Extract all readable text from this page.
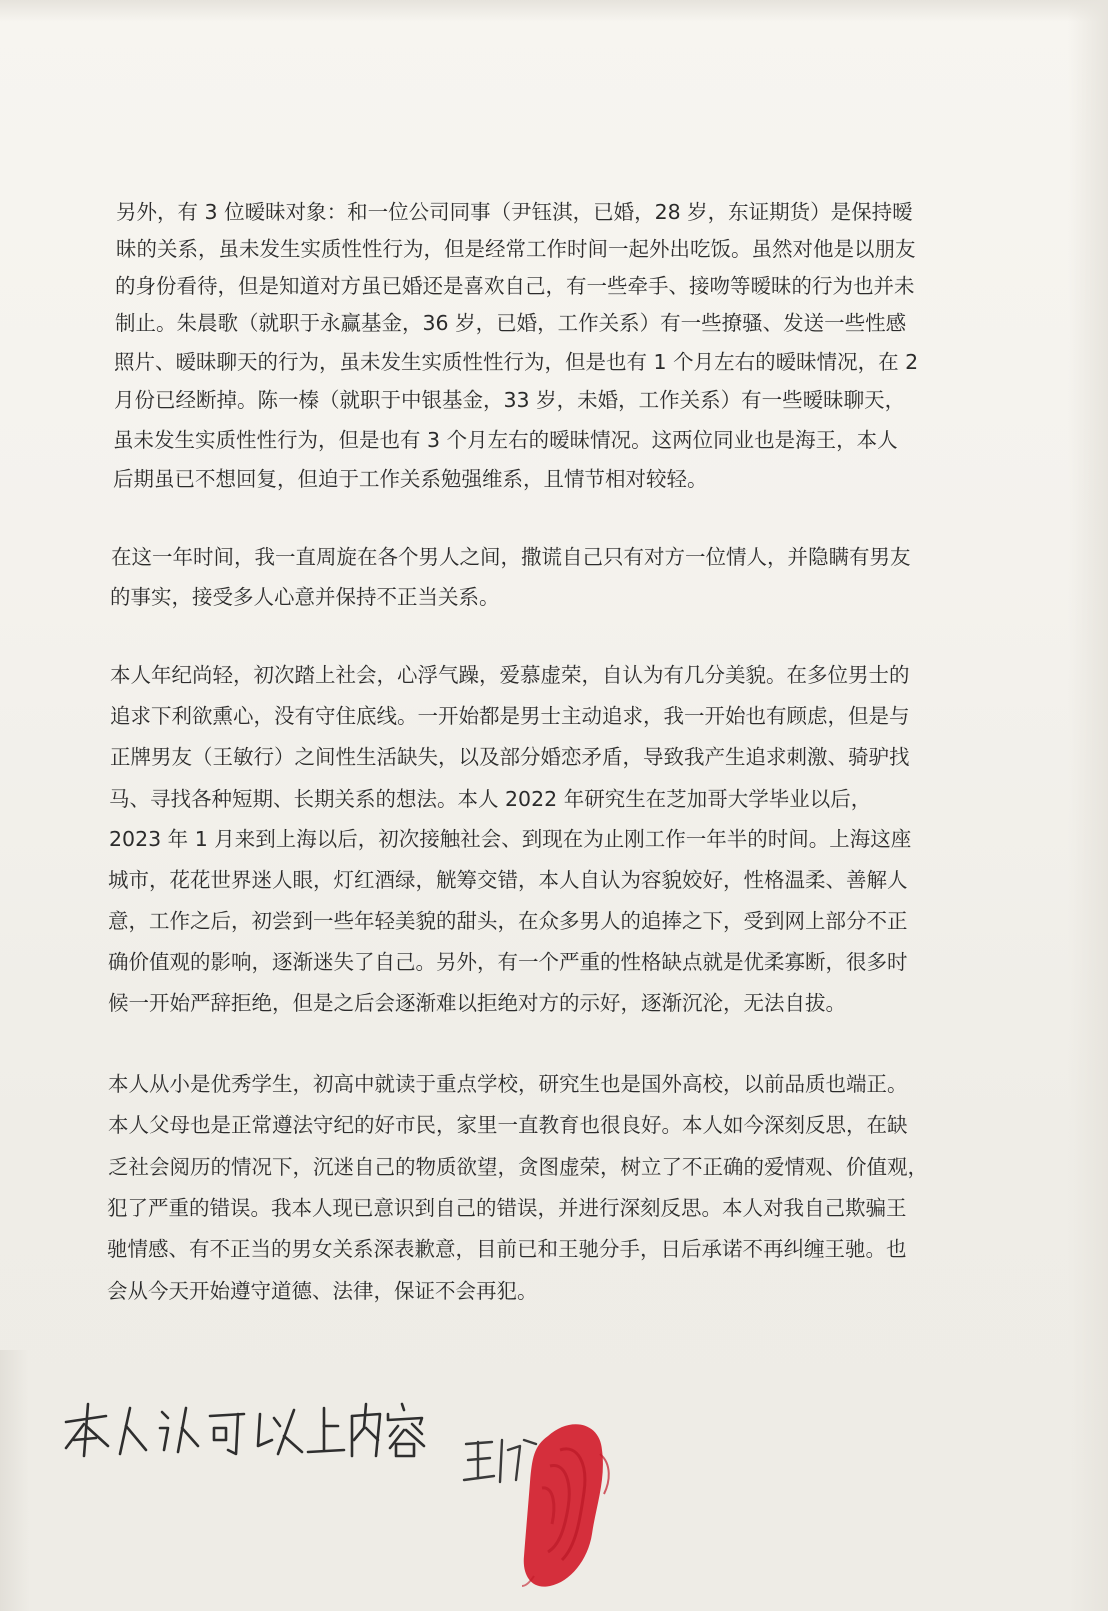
另外，有 3 位暧昧对象：和一位公司同事（尹钰淇，已婚，28 岁，东证期货）是保持暧
昧的关系，虽未发生实质性性行为，但是经常工作时间一起外出吃饭。虽然对他是以朋友
的身份看待，但是知道对方虽已婚还是喜欢自己，有一些牵手、接吻等暧昧的行为也并未
制止。朱晨歌（就职于永赢基金，36 岁，已婚，工作关系）有一些撩骚、发送一些性感
照片、暧昧聊天的行为，虽未发生实质性性行为，但是也有 1 个月左右的暧昧情况，在 2
月份已经断掉。陈一榛（就职于中银基金，33 岁，未婚，工作关系）有一些暧昧聊天，
虽未发生实质性性行为，但是也有 3 个月左右的暧昧情况。这两位同业也是海王，本人
后期虽已不想回复，但迫于工作关系勉强维系，且情节相对较轻。
在这一年时间，我一直周旋在各个男人之间，撒谎自己只有对方一位情人，并隐瞒有男友
的事实，接受多人心意并保持不正当关系。
本人年纪尚轻，初次踏上社会，心浮气躁，爱慕虚荣，自认为有几分美貌。在多位男士的
追求下利欲熏心，没有守住底线。一开始都是男士主动追求，我一开始也有顾虑，但是与
正牌男友（王敏行）之间性生活缺失，以及部分婚恋矛盾，导致我产生追求刺激、骑驴找
马、寻找各种短期、长期关系的想法。本人 2022 年研究生在芝加哥大学毕业以后，
2023 年 1 月来到上海以后，初次接触社会、到现在为止刚工作一年半的时间。上海这座
城市，花花世界迷人眼，灯红酒绿，觥筹交错，本人自认为容貌姣好，性格温柔、善解人
意，工作之后，初尝到一些年轻美貌的甜头，在众多男人的追捧之下，受到网上部分不正
确价值观的影响，逐渐迷失了自己。另外，有一个严重的性格缺点就是优柔寡断，很多时
候一开始严辞拒绝，但是之后会逐渐难以拒绝对方的示好，逐渐沉沦，无法自拔。
本人从小是优秀学生，初高中就读于重点学校，研究生也是国外高校，以前品质也端正。
本人父母也是正常遵法守纪的好市民，家里一直教育也很良好。本人如今深刻反思，在缺
乏社会阅历的情况下，沉迷自己的物质欲望，贪图虚荣，树立了不正确的爱情观、价值观，
犯了严重的错误。我本人现已意识到自己的错误，并进行深刻反思。本人对我自己欺骗王
驰情感、有不正当的男女关系深表歉意，目前已和王驰分手，日后承诺不再纠缠王驰。也
会从今天开始遵守道德、法律，保证不会再犯。
